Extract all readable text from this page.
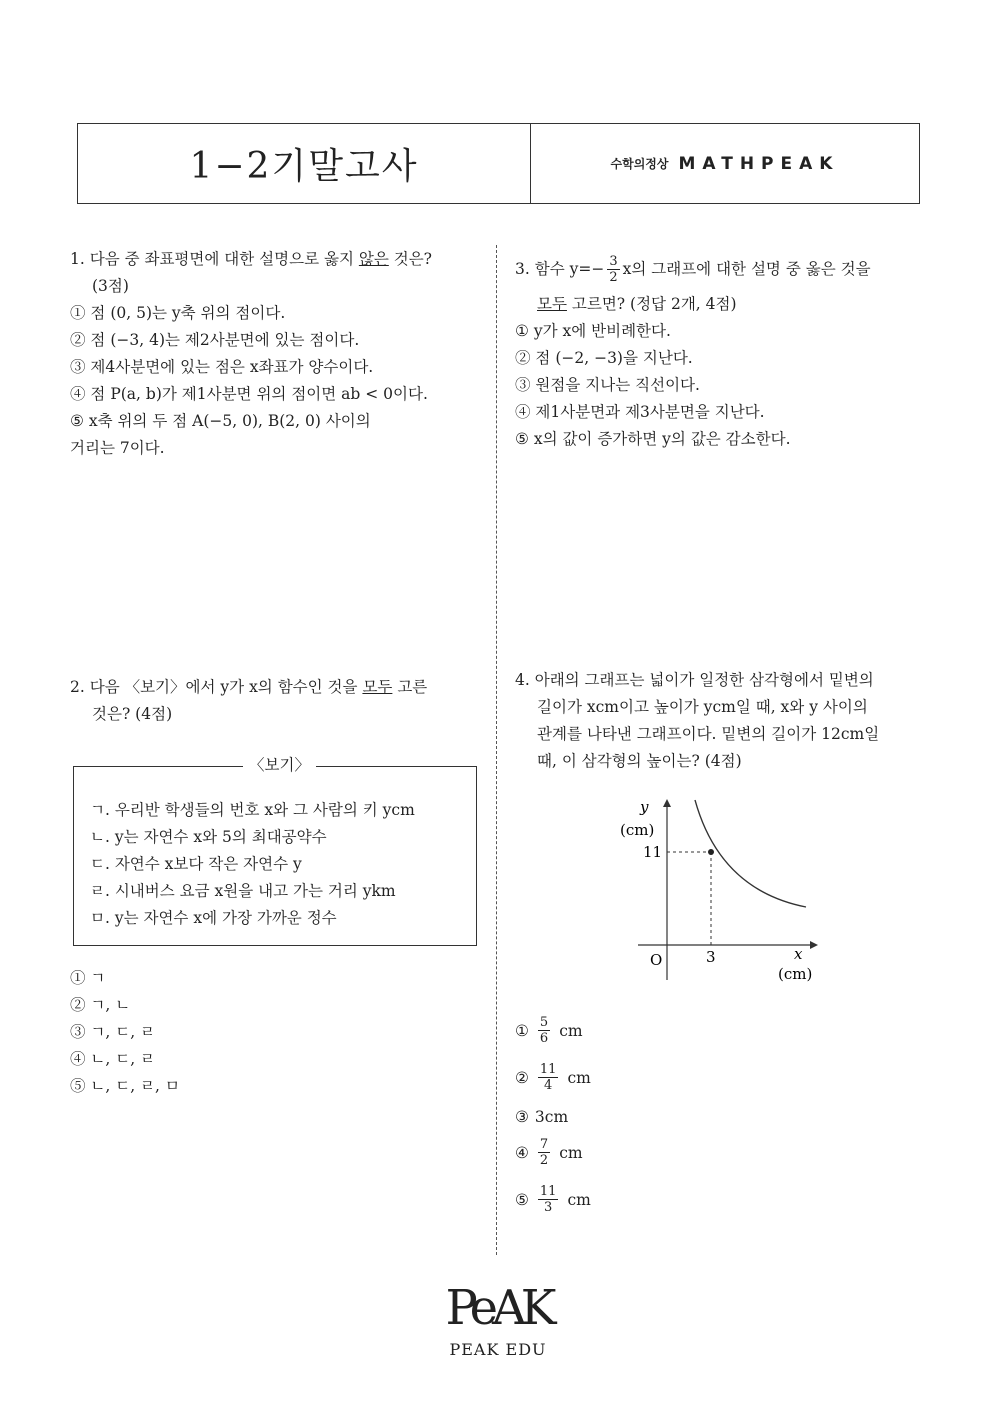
1−2기말고사	수학의정상 MATHPEAK
1. 다음 중 좌표평면에 대한 설명으로 옳지 않은 것은?
(3점)
① 점 (0, 5)는 y축 위의 점이다.
② 점 (−3, 4)는 제2사분면에 있는 점이다.
③ 제4사분면에 있는 점은 x좌표가 양수이다.
④ 점 P(a, b)가 제1사분면 위의 점이면 ab < 0이다.
⑤ x축 위의 두 점 A(−5, 0), B(2, 0) 사이의
거리는 7이다.
2. 다음 〈보기〉에서 y가 x의 함수인 것을 모두 고른
것은? (4점)
〈보기〉
ㄱ. 우리반 학생들의 번호 x와 그 사람의 키 ycm
ㄴ. y는 자연수 x와 5의 최대공약수
ㄷ. 자연수 x보다 작은 자연수 y
ㄹ. 시내버스 요금 x원을 내고 가는 거리 ykm
ㅁ. y는 자연수 x에 가장 가까운 정수
① ㄱ
② ㄱ, ㄴ
③ ㄱ, ㄷ, ㄹ
④ ㄴ, ㄷ, ㄹ
⑤ ㄴ, ㄷ, ㄹ, ㅁ
3. 함수 $y=- \frac{3}{2}$ x의 그래프에 대한 설명 중 옳은 것을
모두 고르면? (정답 2개, 4점)
① y가 x에 반비례한다.
② 점 (−2, −3)을 지난다.
③ 원점을 지나는 직선이다.
④ 제1사분면과 제3사분면을 지난다.
⑤ x의 값이 증가하면 y의 값은 감소한다.
4. 아래의 그래프는 넓이가 일정한 삼각형에서 밑변의
길이가 xcm이고 높이가 ycm일 때, x와 y 사이의
관계를 나타낸 그래프이다. 밑변의 길이가 12cm일
때, 이 삼각형의 높이는? (4점)
y
(cm)
11
O	3	x
(cm)
① $\frac{5}{6}$ cm
② $\frac{11}{4}$ cm
③ 3cm
④ $\frac{7}{2}$ cm
⑤ $\frac{11}{3}$ cm
PeAK
PEAK EDU
